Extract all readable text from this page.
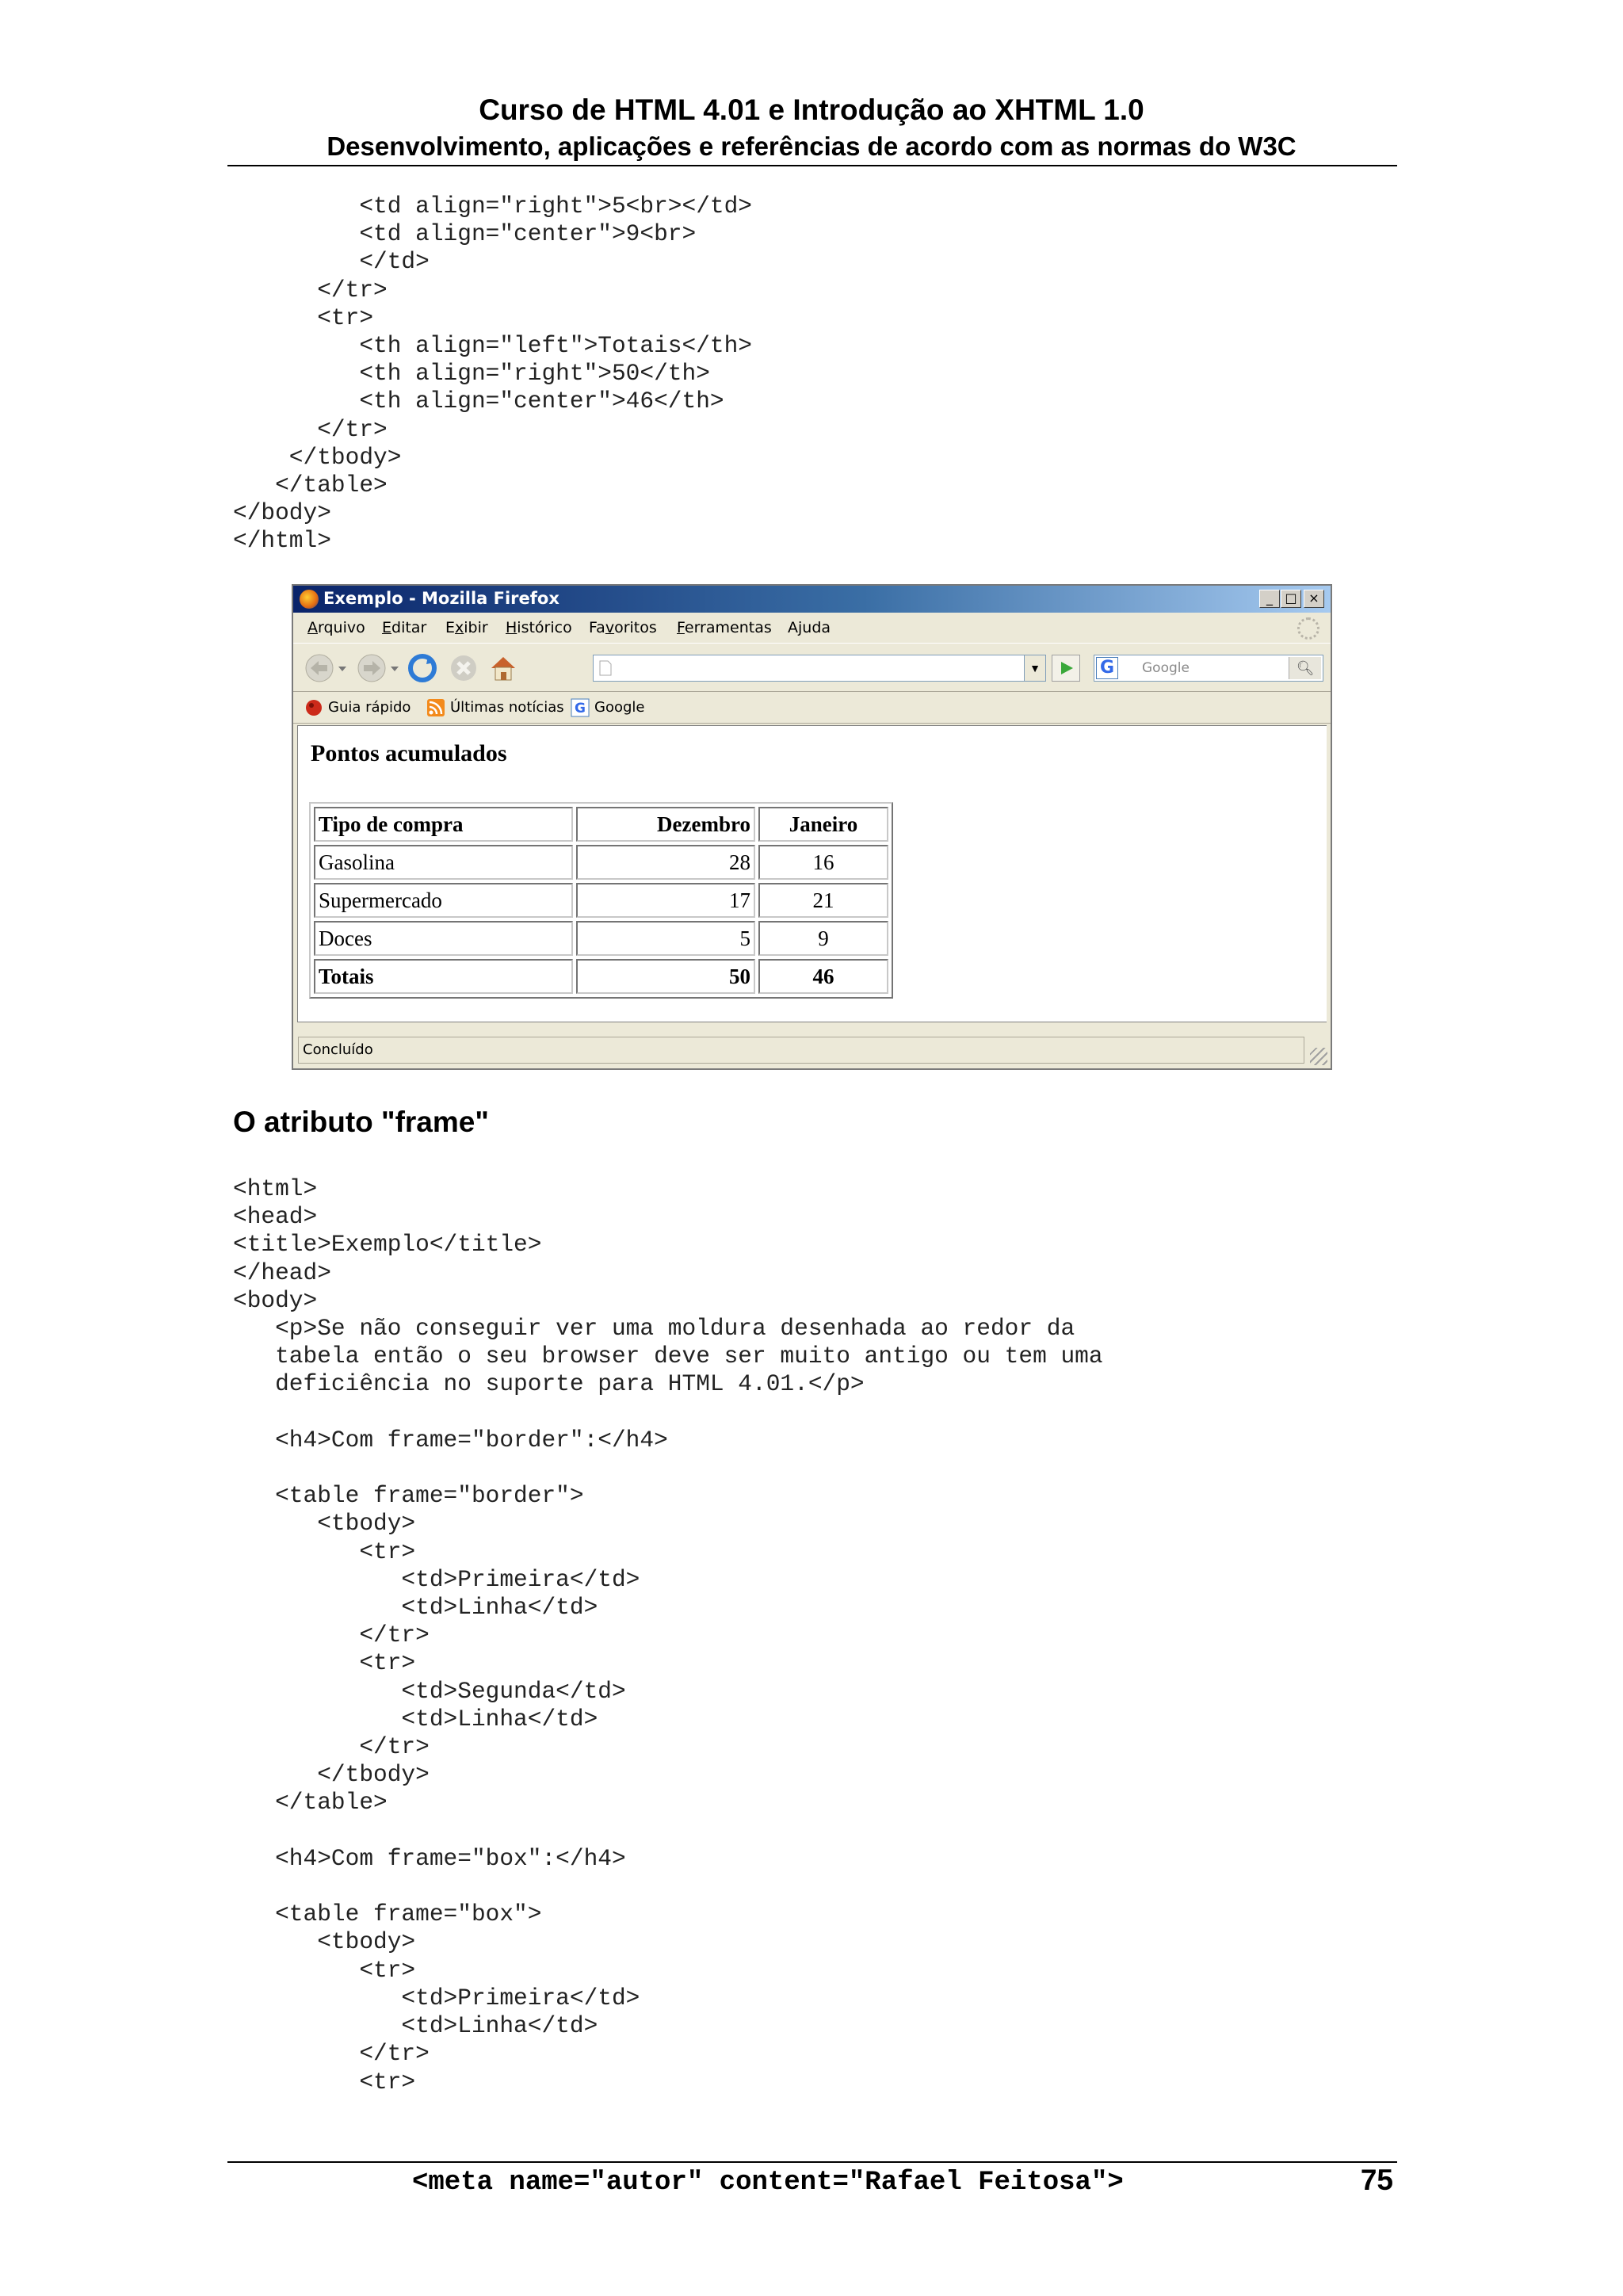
Curso de HTML 4.01 e Introdução ao XHTML 1.0
Desenvolvimento, aplicações e referências de acordo com as normas do W3C
<td align="right">5<br></td>
<td align="center">9<br>
</td>
</tr>
<tr>
<th align="left">Totais</th>
<th align="right">50</th>
<th align="center">46</th>
</tr>
</tbody>
</table>
</body>
</html>
Exemplo - Mozilla Firefox	_ □ ×
Arquivo Editar Exibir Histórico Favoritos Ferramentas Ajuda
▼	G Google	🔍︎
Guia rápido	Últimas notícias G Google
Pontos acumulados
Tipo de compra	Dezembro	Janeiro
Gasolina	28	16
Supermercado	17	21
Doces	5	9
Totais	50	46
Concluído
O atributo "frame"
<html>
<head>
<title>Exemplo</title>
</head>
<body>
<p>Se não conseguir ver uma moldura desenhada ao redor da
tabela então o seu browser deve ser muito antigo ou tem uma
deficiência no suporte para HTML 4.01.</p>

<h4>Com frame="border":</h4>

<table frame="border">
<tbody>
<tr>
<td>Primeira</td>
<td>Linha</td>
</tr>
<tr>
<td>Segunda</td>
<td>Linha</td>
</tr>
</tbody>
</table>

<h4>Com frame="box":</h4>

<table frame="box">
<tbody>
<tr>
<td>Primeira</td>
<td>Linha</td>
</tr>
<tr>
<meta name="autor" content="Rafael Feitosa">	75
